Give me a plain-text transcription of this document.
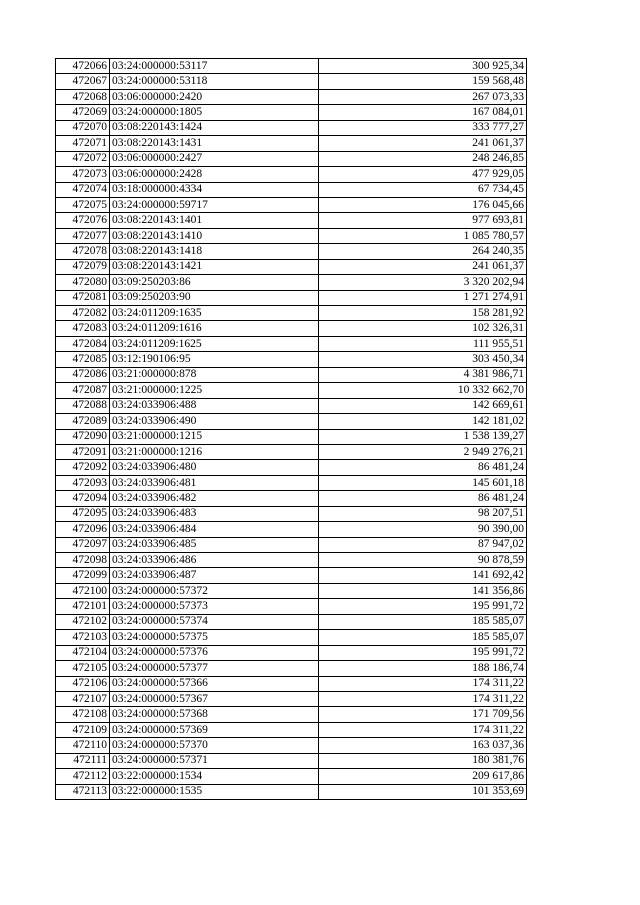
472066	03:24:000000:53117	300 925,34
472067	03:24:000000:53118	159 568,48
472068	03:06:000000:2420	267 073,33
472069	03:24:000000:1805	167 084,01
472070	03:08:220143:1424	333 777,27
472071	03:08:220143:1431	241 061,37
472072	03:06:000000:2427	248 246,85
472073	03:06:000000:2428	477 929,05
472074	03:18:000000:4334	67 734,45
472075	03:24:000000:59717	176 045,66
472076	03:08:220143:1401	977 693,81
472077	03:08:220143:1410	1 085 780,57
472078	03:08:220143:1418	264 240,35
472079	03:08:220143:1421	241 061,37
472080	03:09:250203:86	3 320 202,94
472081	03:09:250203:90	1 271 274,91
472082	03:24:011209:1635	158 281,92
472083	03:24:011209:1616	102 326,31
472084	03:24:011209:1625	111 955,51
472085	03:12:190106:95	303 450,34
472086	03:21:000000:878	4 381 986,71
472087	03:21:000000:1225	10 332 662,70
472088	03:24:033906:488	142 669,61
472089	03:24:033906:490	142 181,02
472090	03:21:000000:1215	1 538 139,27
472091	03:21:000000:1216	2 949 276,21
472092	03:24:033906:480	86 481,24
472093	03:24:033906:481	145 601,18
472094	03:24:033906:482	86 481,24
472095	03:24:033906:483	98 207,51
472096	03:24:033906:484	90 390,00
472097	03:24:033906:485	87 947,02
472098	03:24:033906:486	90 878,59
472099	03:24:033906:487	141 692,42
472100	03:24:000000:57372	141 356,86
472101	03:24:000000:57373	195 991,72
472102	03:24:000000:57374	185 585,07
472103	03:24:000000:57375	185 585,07
472104	03:24:000000:57376	195 991,72
472105	03:24:000000:57377	188 186,74
472106	03:24:000000:57366	174 311,22
472107	03:24:000000:57367	174 311,22
472108	03:24:000000:57368	171 709,56
472109	03:24:000000:57369	174 311,22
472110	03:24:000000:57370	163 037,36
472111	03:24:000000:57371	180 381,76
472112	03:22:000000:1534	209 617,86
472113	03:22:000000:1535	101 353,69
